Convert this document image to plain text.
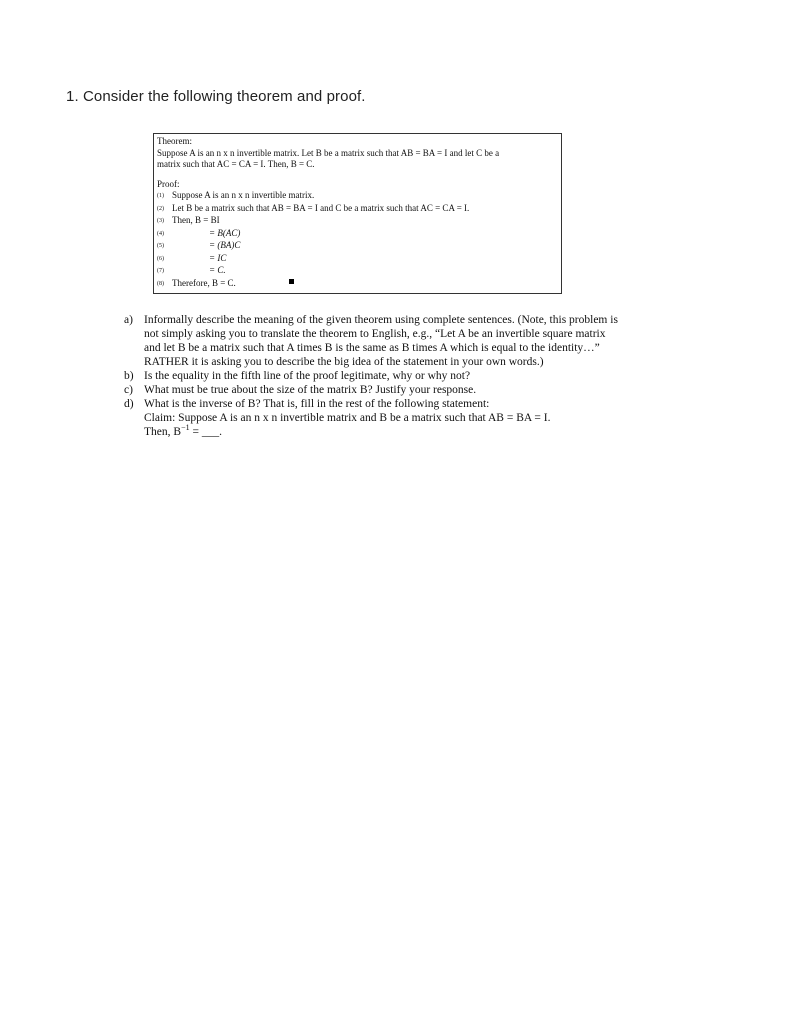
1. Consider the following theorem and proof.
Theorem:
Suppose A is an n x n invertible matrix. Let B be a matrix such that AB = BA = I and let C be a
matrix such that AC = CA = I. Then, B = C.
Proof:
(1) Suppose A is an n x n invertible matrix.
(2) Let B be a matrix such that AB = BA = I and C be a matrix such that AC = CA = I.
(3) Then, B = BI
(4)	= B(AC)
(5)	= (BA)C
(6)	= IC
(7)	= C.
(8) Therefore, B = C.
a) Informally describe the meaning of the given theorem using complete sentences. (Note, this problem is not simply asking you to translate the theorem to English, e.g., “Let A be an invertible square matrix and let B be a matrix such that A times B is the same as B times A which is equal to the identity…” RATHER it is asking you to describe the big idea of the statement in your own words.)
b) Is the equality in the fifth line of the proof legitimate, why or why not?
c) What must be true about the size of the matrix B? Justify your response.
d) What is the inverse of B? That is, fill in the rest of the following statement:
Claim: Suppose A is an n x n invertible matrix and B be a matrix such that AB = BA = I.
Then, $B^{-1}$ = ___.
